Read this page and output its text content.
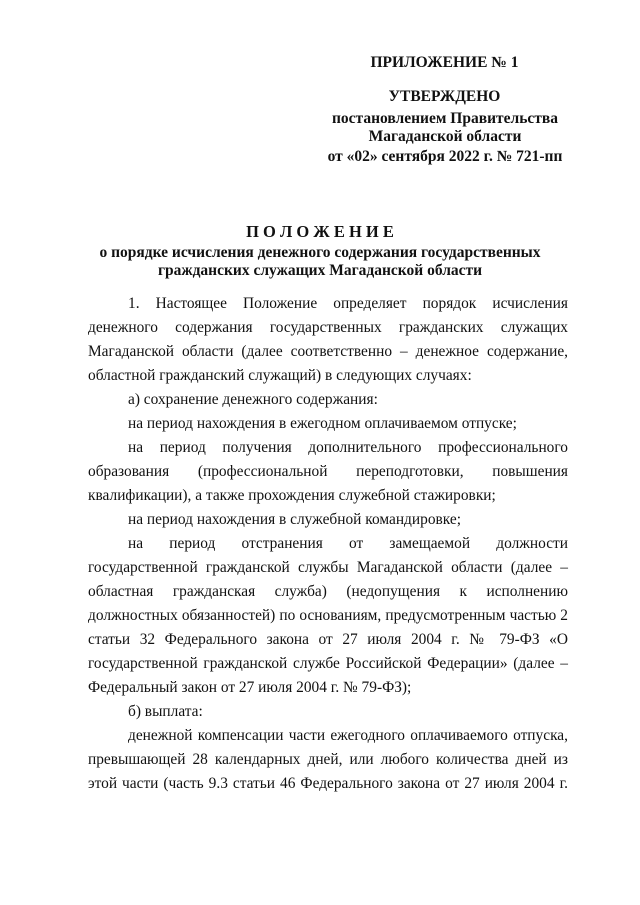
ПРИЛОЖЕНИЕ № 1
УТВЕРЖДЕНО
постановлением Правительства
Магаданской области
от «02» сентября 2022 г. № 721-пп
П О Л О Ж Е Н И Е
о порядке исчисления денежного содержания государственных
гражданских служащих Магаданской области

1. Настоящее Положение определяет порядок исчисления денежного содержания государственных гражданских служащих Магаданской области (далее соответственно – денежное содержание, областной гражданский служащий) в следующих случаях:

а) сохранение денежного содержания:

на период нахождения в ежегодном оплачиваемом отпуске;

на период получения дополнительного профессионального образования (профессиональной переподготовки, повышения квалификации), а также прохождения служебной стажировки;

на период нахождения в служебной командировке;

на период отстранения от замещаемой должности государственной гражданской службы Магаданской области (далее – областная гражданская служба) (недопущения к исполнению должностных обязанностей) по основаниям, предусмотренным частью 2 статьи 32 Федерального закона от 27 июля 2004 г. № 79-ФЗ «О государственной гражданской службе Российской Федерации» (далее – Федеральный закон от 27 июля 2004 г. № 79-ФЗ);

б) выплата:

денежной компенсации части ежегодного оплачиваемого отпуска, превышающей 28 календарных дней, или любого количества дней из этой части (часть 9.3 статьи 46 Федерального закона от 27 июля 2004 г.
